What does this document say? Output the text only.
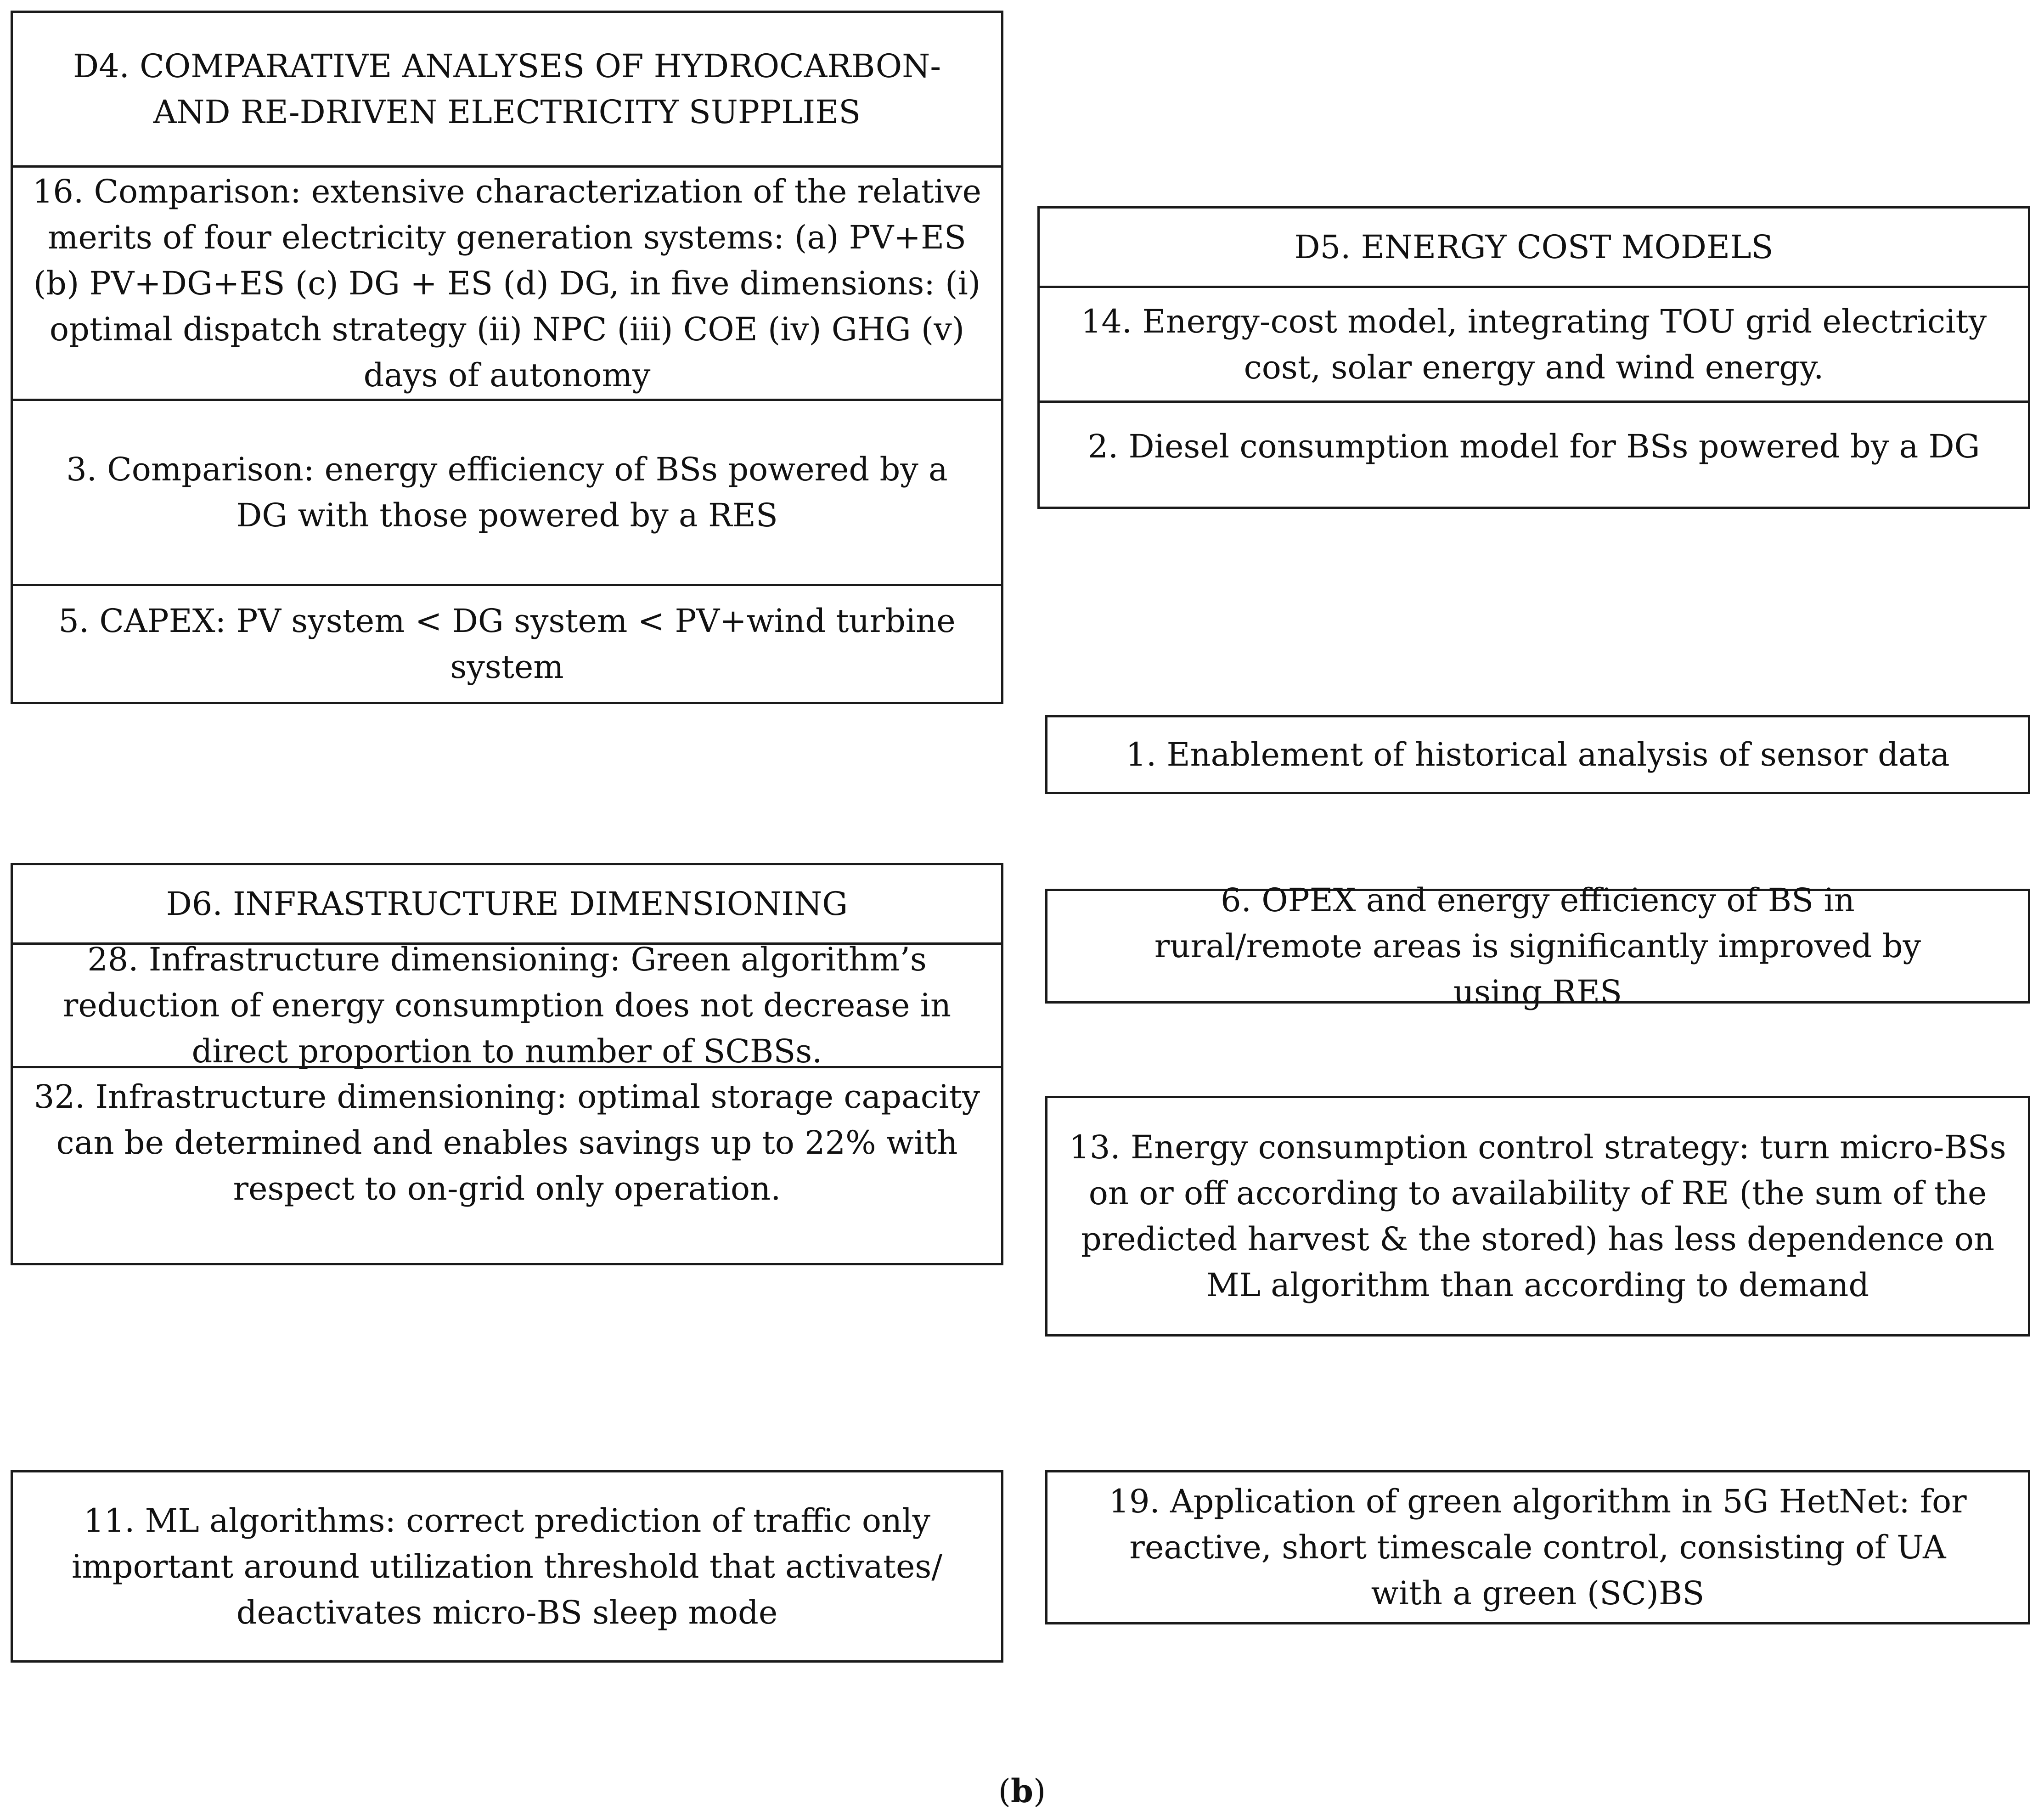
D4. COMPARATIVE ANALYSES OF HYDROCARBON- AND RE-DRIVEN ELECTRICITY SUPPLIES
16. Comparison: extensive characterization of the relative merits of four electricity generation systems: (a) PV+ES (b) PV+DG+ES (c) DG + ES (d) DG, in five dimensions: (i) optimal dispatch strategy (ii) NPC (iii) COE (iv) GHG (v) days of autonomy
3. Comparison: energy efficiency of BSs powered by a DG with those powered by a RES
5. CAPEX: PV system < DG system < PV+wind turbine system
D5. ENERGY COST MODELS
14. Energy-cost model, integrating TOU grid electricity cost, solar energy and wind energy.
2. Diesel consumption model for BSs powered by a DG
1. Enablement of historical analysis of sensor data
D6. INFRASTRUCTURE DIMENSIONING
28. Infrastructure dimensioning: Green algorithm’s reduction of energy consumption does not decrease in direct proportion to number of SCBSs.
32. Infrastructure dimensioning: optimal storage capacity can be determined and enables savings up to 22% with respect to on-grid only operation.
6. OPEX and energy efficiency of BS in rural/remote areas is significantly improved by using RES
13. Energy consumption control strategy: turn micro-BSs on or off according to availability of RE (the sum of the predicted harvest & the stored) has less dependence on ML algorithm than according to demand
11. ML algorithms: correct prediction of traffic only important around utilization threshold that activates/ deactivates micro-BS sleep mode
19. Application of green algorithm in 5G HetNet: for reactive, short timescale control, consisting of UA with a green (SC)BS
(b)
